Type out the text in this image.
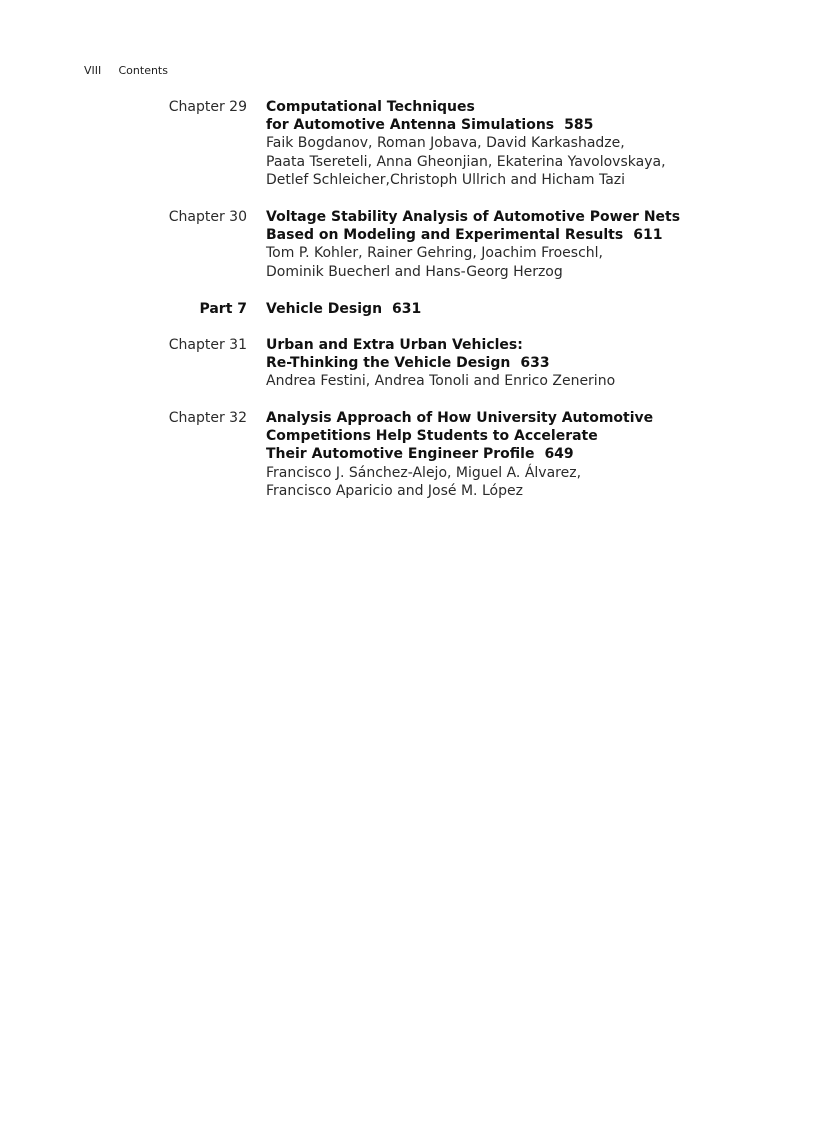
VIII Contents
Chapter 29 Computational Techniques
for Automotive Antenna Simulations 585

Faik Bogdanov, Roman Jobava, David Karkashadze,
Paata Tsereteli, Anna Gheonjian, Ekaterina Yavolovskaya,
Detlef Schleicher,Christoph Ullrich and Hicham Tazi

Chapter 30 Voltage Stability Analysis of Automotive Power Nets
Based on Modeling and Experimental Results 611

Tom P. Kohler, Rainer Gehring, Joachim Froeschl,
Dominik Buecherl and Hans-Georg Herzog

Part 7 Vehicle Design 631

Chapter 31 Urban and Extra Urban Vehicles:
Re-Thinking the Vehicle Design 633

Andrea Festini, Andrea Tonoli and Enrico Zenerino

Chapter 32 Analysis Approach of How University Automotive
Competitions Help Students to Accelerate
Their Automotive Engineer Profile 649

Francisco J. Sánchez-Alejo, Miguel A. Álvarez,
Francisco Aparicio and José M. López
